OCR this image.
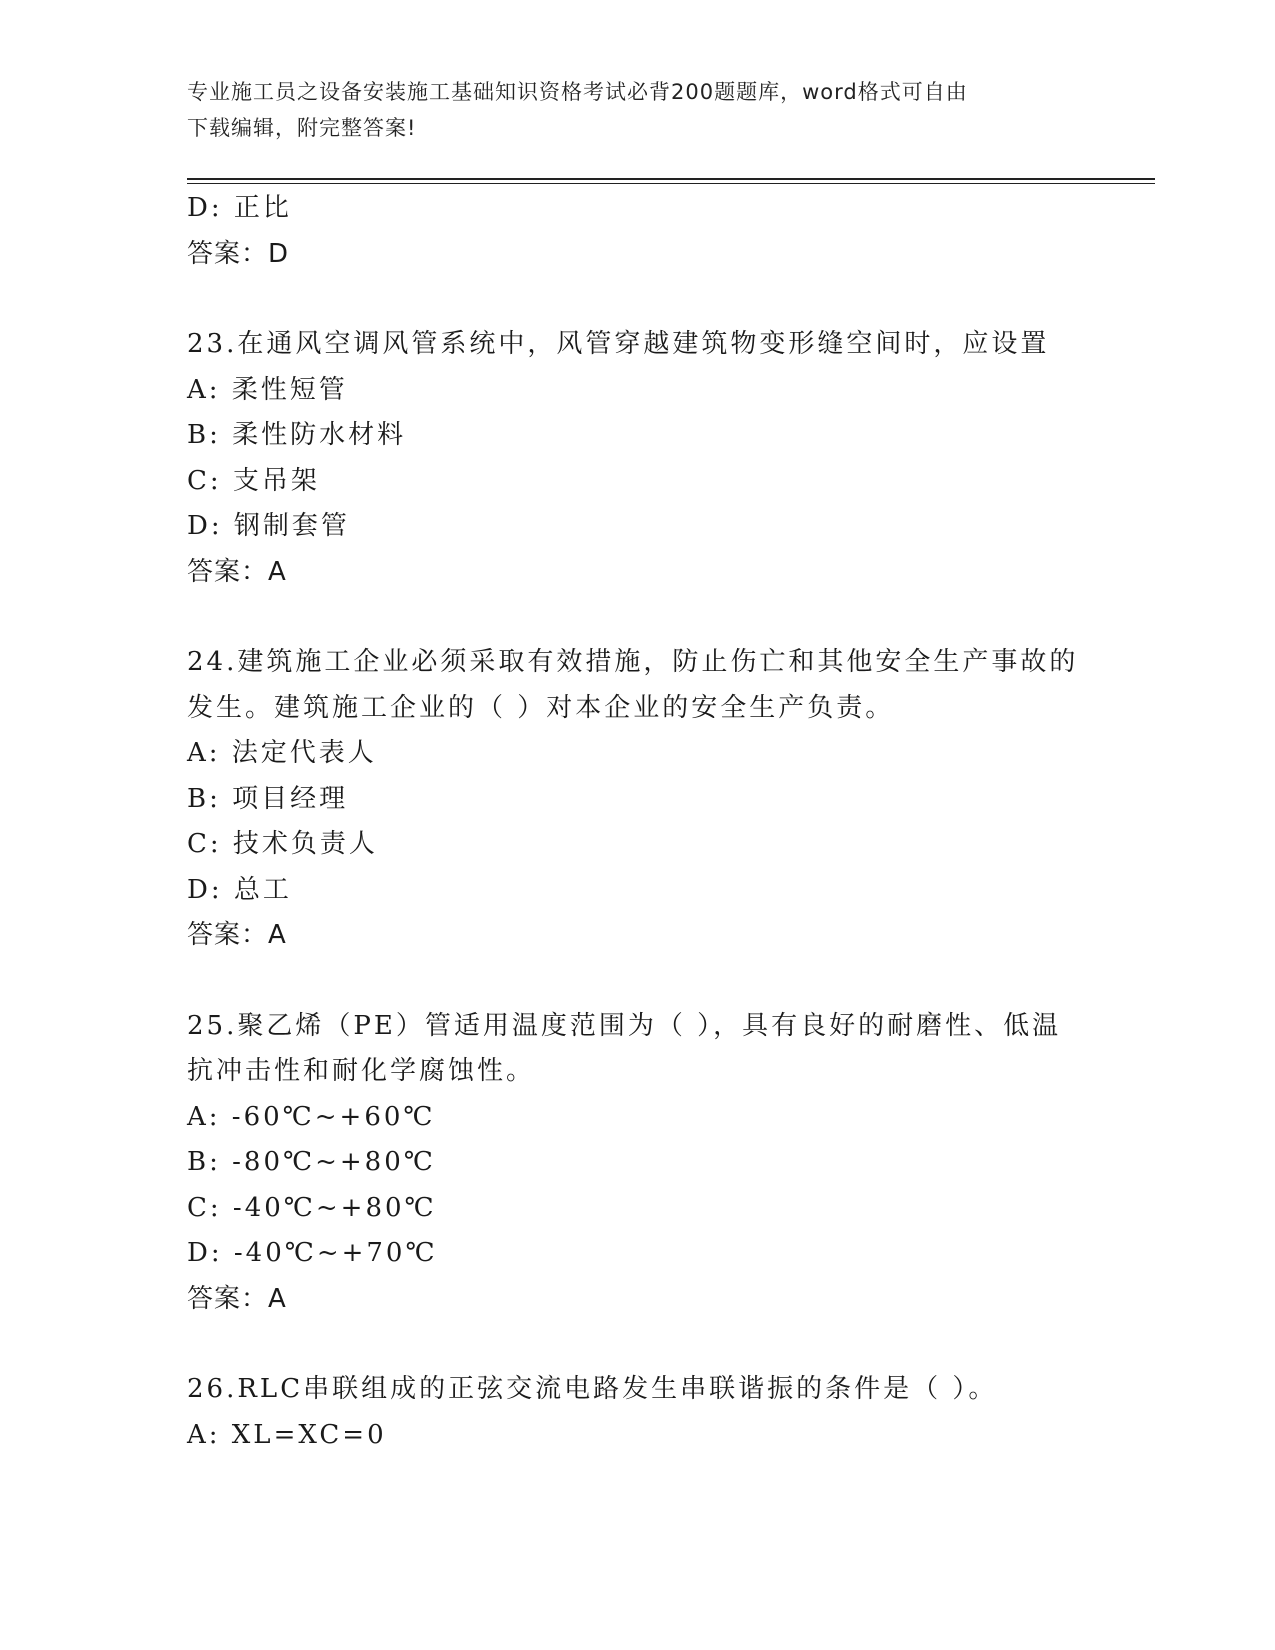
专业施工员之设备安装施工基础知识资格考试必背200题题库，word格式可自由
下载编辑，附完整答案!
D: 正比
答案：D
23.在通风空调风管系统中，风管穿越建筑物变形缝空间时，应设置
A: 柔性短管
B: 柔性防水材料
C: 支吊架
D: 钢制套管
答案：A
24.建筑施工企业必须采取有效措施，防止伤亡和其他安全生产事故的
发生。建筑施工企业的（ ）对本企业的安全生产负责。
A: 法定代表人
B: 项目经理
C: 技术负责人
D: 总工
答案：A
25.聚乙烯（PE）管适用温度范围为（ ），具有良好的耐磨性、低温
抗冲击性和耐化学腐蚀性。
A: -60℃~+60℃
B: -80℃~+80℃
C: -40℃~+80℃
D: -40℃~+70℃
答案：A
26.RLC串联组成的正弦交流电路发生串联谐振的条件是（ ）。
A: XL=XC=0
